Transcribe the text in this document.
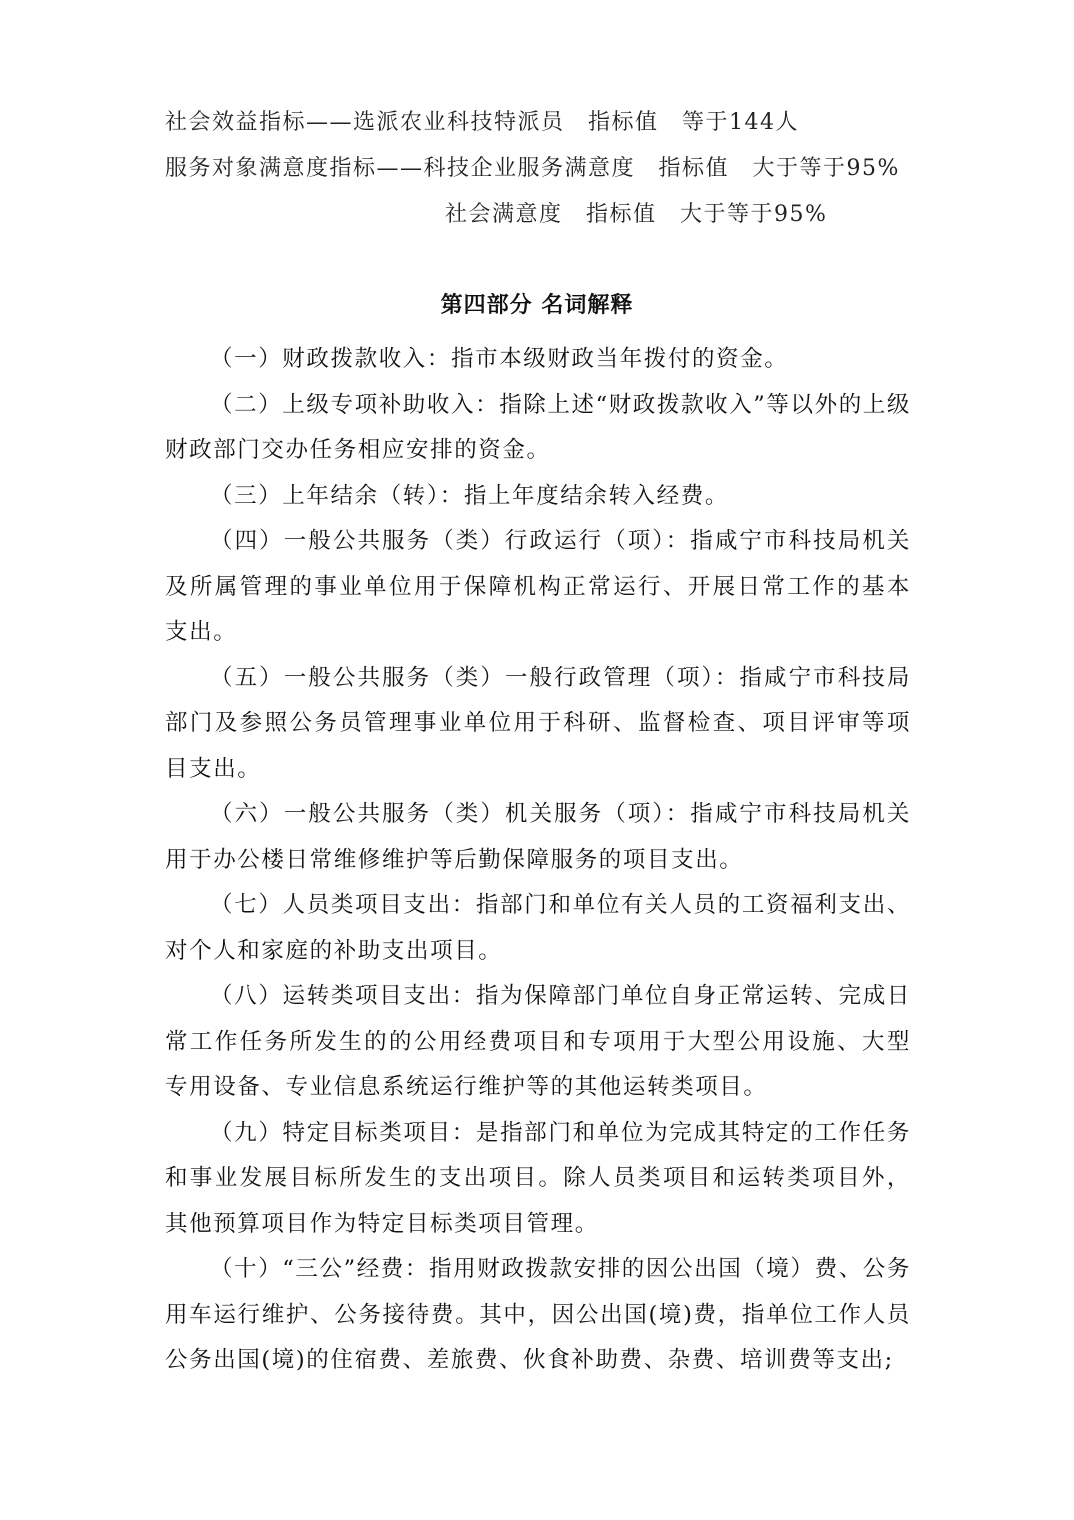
社会效益指标——选派农业科技特派员　指标值　等于144人
服务对象满意度指标——科技企业服务满意度　指标值　大于等于95%
社会满意度　指标值　大于等于95%
第四部分 名词解释

（一）财政拨款收入：指市本级财政当年拨付的资金。

（二）上级专项补助收入：指除上述“财政拨款收入”等以外的上级财政部门交办任务相应安排的资金。

（三）上年结余（转）：指上年度结余转入经费。

（四）一般公共服务（类）行政运行（项）：指咸宁市科技局机关及所属管理的事业单位用于保障机构正常运行、开展日常工作的基本支出。

（五）一般公共服务（类）一般行政管理（项）：指咸宁市科技局部门及参照公务员管理事业单位用于科研、监督检查、项目评审等项目支出。

（六）一般公共服务（类）机关服务（项）：指咸宁市科技局机关用于办公楼日常维修维护等后勤保障服务的项目支出。

（七）人员类项目支出：指部门和单位有关人员的工资福利支出、对个人和家庭的补助支出项目。

（八）运转类项目支出：指为保障部门单位自身正常运转、完成日常工作任务所发生的的公用经费项目和专项用于大型公用设施、大型专用设备、专业信息系统运行维护等的其他运转类项目。

（九）特定目标类项目：是指部门和单位为完成其特定的工作任务和事业发展目标所发生的支出项目。除人员类项目和运转类项目外，其他预算项目作为特定目标类项目管理。

（十）“三公”经费：指用财政拨款安排的因公出国（境）费、公务用车运行维护、公务接待费。其中，因公出国(境)费，指单位工作人员公务出国(境)的住宿费、差旅费、伙食补助费、杂费、培训费等支出;
